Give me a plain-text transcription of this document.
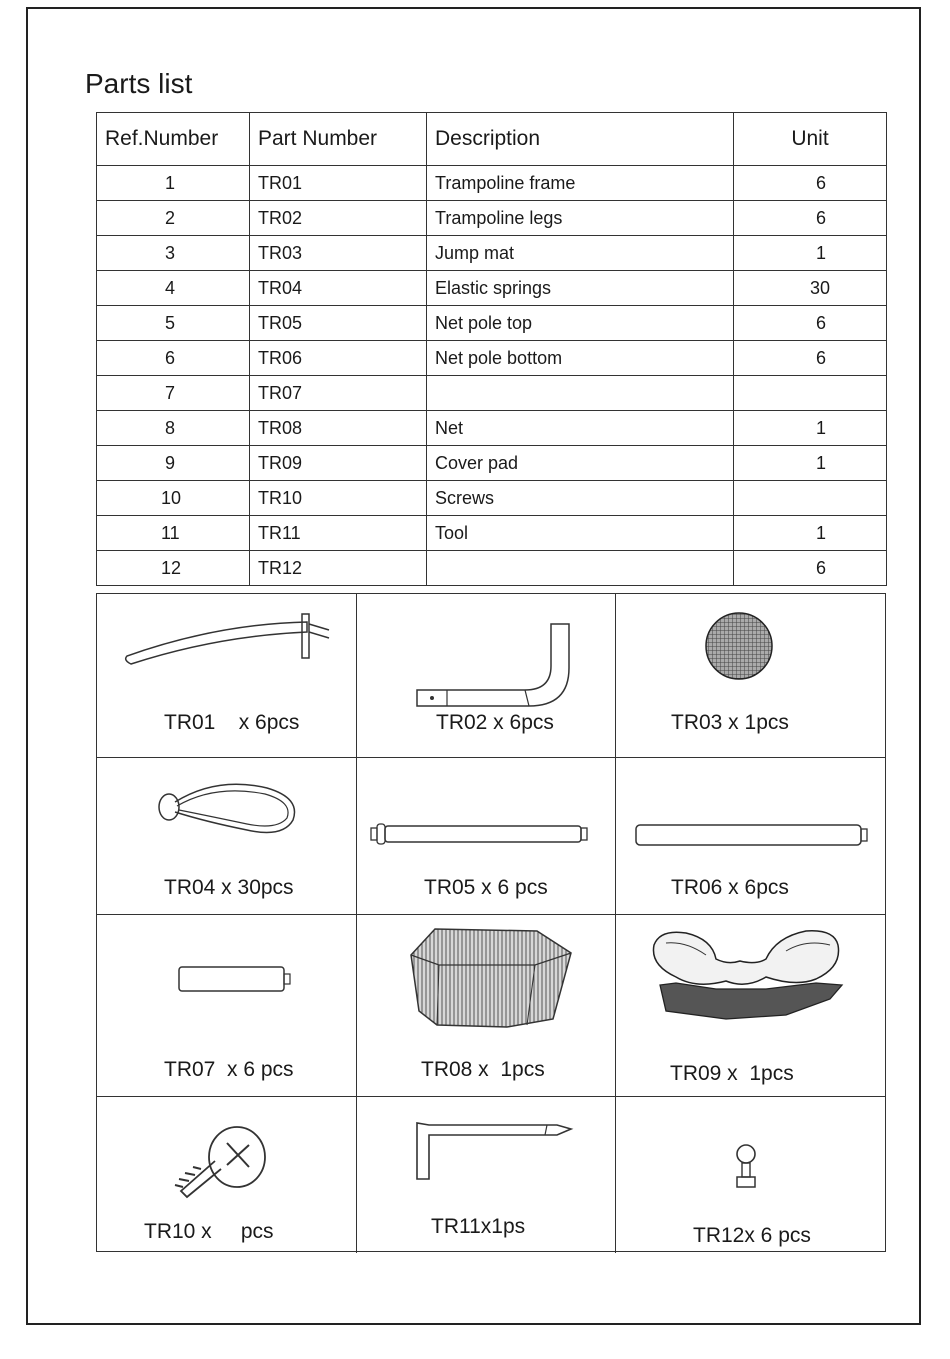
Parts list
Ref.Number	Part Number	Description	Unit
1	TR01	Trampoline frame	6
2	TR02	Trampoline legs	6
3	TR03	Jump mat	1
4	TR04	Elastic springs	30
5	TR05	Net pole top	6
6	TR06	Net pole bottom	6
7	TR07		
8	TR08	Net	1
9	TR09	Cover pad	1
10	TR10	Screws	
11	TR11	Tool	1
12	TR12		6
TR01    x 6pcs	TR02 x 6pcs	TR03 x 1pcs
TR04 x 30pcs	TR05 x 6 pcs	TR06 x 6pcs
TR07  x 6 pcs	TR08 x  1pcs	TR09 x  1pcs
TR10 x     pcs	TR11x1ps	TR12x 6 pcs
